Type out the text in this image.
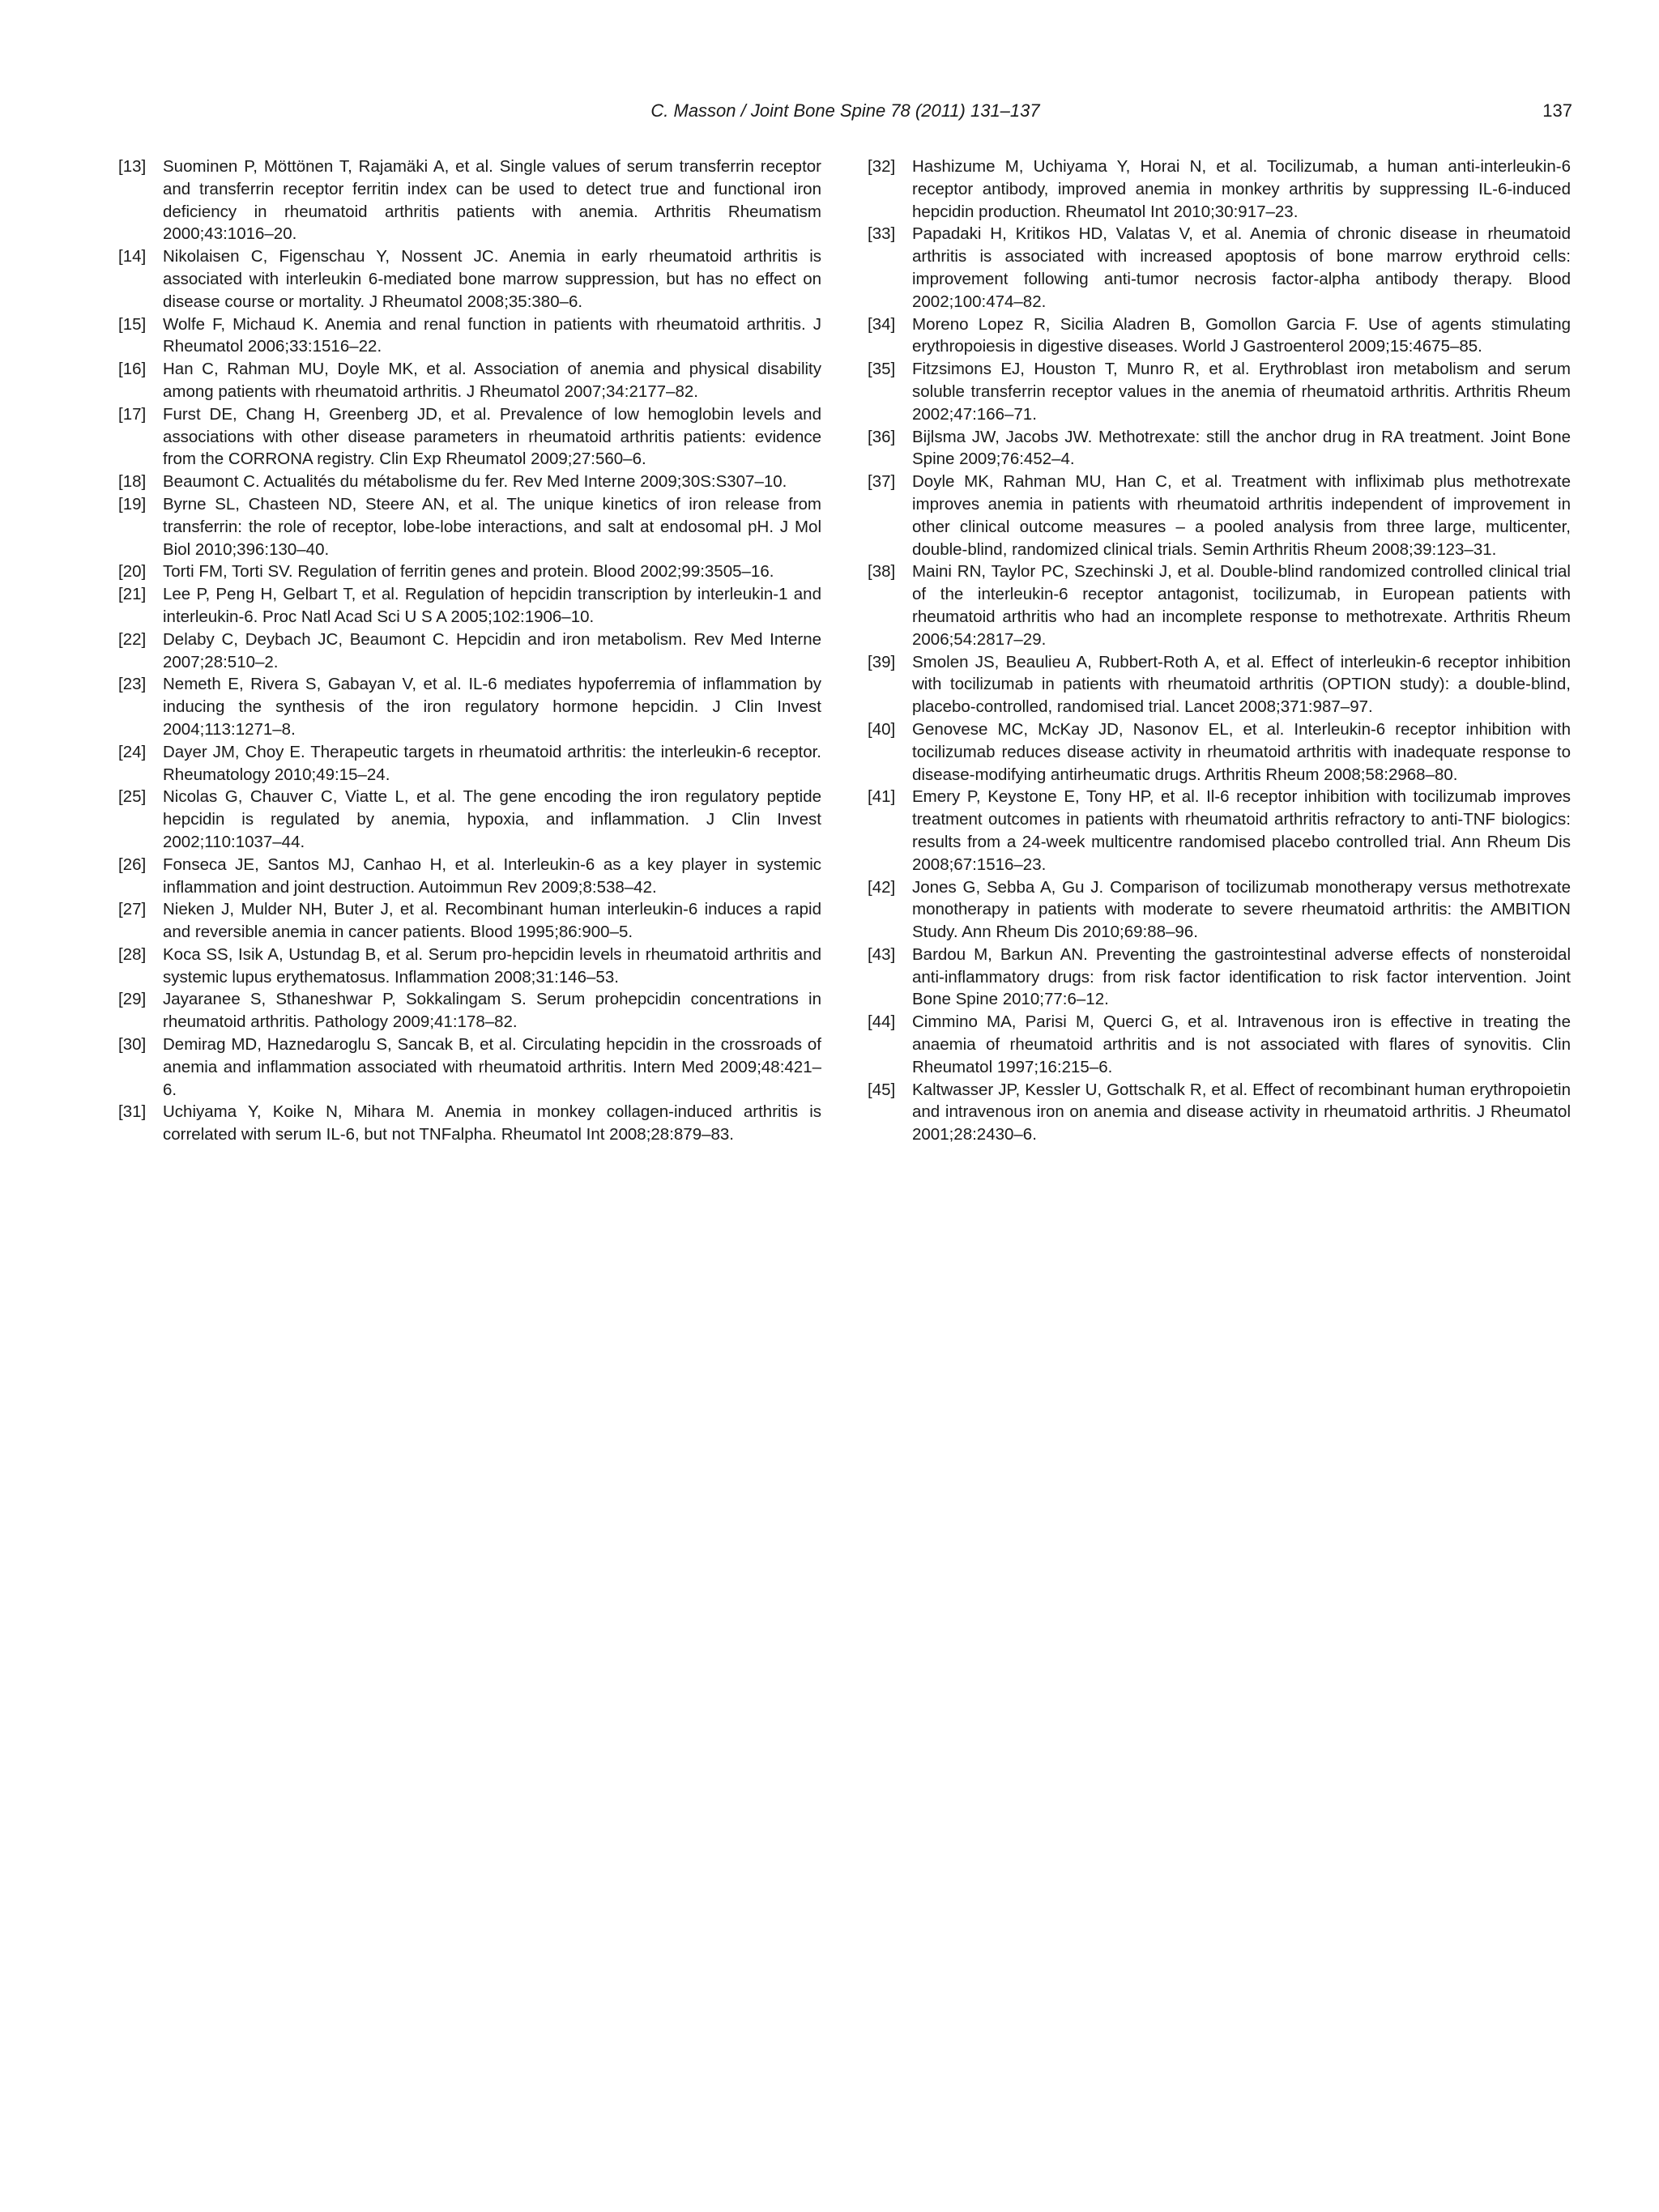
C. Masson / Joint Bone Spine 78 (2011) 131–137	137
[13] Suominen P, Möttönen T, Rajamäki A, et al. Single values of serum transferrin receptor and transferrin receptor ferritin index can be used to detect true and functional iron deficiency in rheumatoid arthritis patients with anemia. Arthritis Rheumatism 2000;43:1016–20.
[14] Nikolaisen C, Figenschau Y, Nossent JC. Anemia in early rheumatoid arthritis is associated with interleukin 6-mediated bone marrow suppression, but has no effect on disease course or mortality. J Rheumatol 2008;35:380–6.
[15] Wolfe F, Michaud K. Anemia and renal function in patients with rheumatoid arthritis. J Rheumatol 2006;33:1516–22.
[16] Han C, Rahman MU, Doyle MK, et al. Association of anemia and physical disability among patients with rheumatoid arthritis. J Rheumatol 2007;34:2177–82.
[17] Furst DE, Chang H, Greenberg JD, et al. Prevalence of low hemoglobin levels and associations with other disease parameters in rheumatoid arthritis patients: evidence from the CORRONA registry. Clin Exp Rheumatol 2009;27:560–6.
[18] Beaumont C. Actualités du métabolisme du fer. Rev Med Interne 2009;30S:S307–10.
[19] Byrne SL, Chasteen ND, Steere AN, et al. The unique kinetics of iron release from transferrin: the role of receptor, lobe-lobe interactions, and salt at endosomal pH. J Mol Biol 2010;396:130–40.
[20] Torti FM, Torti SV. Regulation of ferritin genes and protein. Blood 2002;99:3505–16.
[21] Lee P, Peng H, Gelbart T, et al. Regulation of hepcidin transcription by interleukin-1 and interleukin-6. Proc Natl Acad Sci U S A 2005;102:1906–10.
[22] Delaby C, Deybach JC, Beaumont C. Hepcidin and iron metabolism. Rev Med Interne 2007;28:510–2.
[23] Nemeth E, Rivera S, Gabayan V, et al. IL-6 mediates hypoferremia of inflammation by inducing the synthesis of the iron regulatory hormone hepcidin. J Clin Invest 2004;113:1271–8.
[24] Dayer JM, Choy E. Therapeutic targets in rheumatoid arthritis: the interleukin-6 receptor. Rheumatology 2010;49:15–24.
[25] Nicolas G, Chauver C, Viatte L, et al. The gene encoding the iron regulatory peptide hepcidin is regulated by anemia, hypoxia, and inflammation. J Clin Invest 2002;110:1037–44.
[26] Fonseca JE, Santos MJ, Canhao H, et al. Interleukin-6 as a key player in systemic inflammation and joint destruction. Autoimmun Rev 2009;8:538–42.
[27] Nieken J, Mulder NH, Buter J, et al. Recombinant human interleukin-6 induces a rapid and reversible anemia in cancer patients. Blood 1995;86:900–5.
[28] Koca SS, Isik A, Ustundag B, et al. Serum pro-hepcidin levels in rheumatoid arthritis and systemic lupus erythematosus. Inflammation 2008;31:146–53.
[29] Jayaranee S, Sthaneshwar P, Sokkalingam S. Serum prohepcidin concentrations in rheumatoid arthritis. Pathology 2009;41:178–82.
[30] Demirag MD, Haznedaroglu S, Sancak B, et al. Circulating hepcidin in the crossroads of anemia and inflammation associated with rheumatoid arthritis. Intern Med 2009;48:421–6.
[31] Uchiyama Y, Koike N, Mihara M. Anemia in monkey collagen-induced arthritis is correlated with serum IL-6, but not TNFalpha. Rheumatol Int 2008;28:879–83.
[32] Hashizume M, Uchiyama Y, Horai N, et al. Tocilizumab, a human anti-interleukin-6 receptor antibody, improved anemia in monkey arthritis by suppressing IL-6-induced hepcidin production. Rheumatol Int 2010;30:917–23.
[33] Papadaki H, Kritikos HD, Valatas V, et al. Anemia of chronic disease in rheumatoid arthritis is associated with increased apoptosis of bone marrow erythroid cells: improvement following anti-tumor necrosis factor-alpha antibody therapy. Blood 2002;100:474–82.
[34] Moreno Lopez R, Sicilia Aladren B, Gomollon Garcia F. Use of agents stimulating erythropoiesis in digestive diseases. World J Gastroenterol 2009;15:4675–85.
[35] Fitzsimons EJ, Houston T, Munro R, et al. Erythroblast iron metabolism and serum soluble transferrin receptor values in the anemia of rheumatoid arthritis. Arthritis Rheum 2002;47:166–71.
[36] Bijlsma JW, Jacobs JW. Methotrexate: still the anchor drug in RA treatment. Joint Bone Spine 2009;76:452–4.
[37] Doyle MK, Rahman MU, Han C, et al. Treatment with infliximab plus methotrexate improves anemia in patients with rheumatoid arthritis independent of improvement in other clinical outcome measures – a pooled analysis from three large, multicenter, double-blind, randomized clinical trials. Semin Arthritis Rheum 2008;39:123–31.
[38] Maini RN, Taylor PC, Szechinski J, et al. Double-blind randomized controlled clinical trial of the interleukin-6 receptor antagonist, tocilizumab, in European patients with rheumatoid arthritis who had an incomplete response to methotrexate. Arthritis Rheum 2006;54:2817–29.
[39] Smolen JS, Beaulieu A, Rubbert-Roth A, et al. Effect of interleukin-6 receptor inhibition with tocilizumab in patients with rheumatoid arthritis (OPTION study): a double-blind, placebo-controlled, randomised trial. Lancet 2008;371:987–97.
[40] Genovese MC, McKay JD, Nasonov EL, et al. Interleukin-6 receptor inhibition with tocilizumab reduces disease activity in rheumatoid arthritis with inadequate response to disease-modifying antirheumatic drugs. Arthritis Rheum 2008;58:2968–80.
[41] Emery P, Keystone E, Tony HP, et al. Il-6 receptor inhibition with tocilizumab improves treatment outcomes in patients with rheumatoid arthritis refractory to anti-TNF biologics: results from a 24-week multicentre randomised placebo controlled trial. Ann Rheum Dis 2008;67:1516–23.
[42] Jones G, Sebba A, Gu J. Comparison of tocilizumab monotherapy versus methotrexate monotherapy in patients with moderate to severe rheumatoid arthritis: the AMBITION Study. Ann Rheum Dis 2010;69:88–96.
[43] Bardou M, Barkun AN. Preventing the gastrointestinal adverse effects of nonsteroidal anti-inflammatory drugs: from risk factor identification to risk factor intervention. Joint Bone Spine 2010;77:6–12.
[44] Cimmino MA, Parisi M, Querci G, et al. Intravenous iron is effective in treating the anaemia of rheumatoid arthritis and is not associated with flares of synovitis. Clin Rheumatol 1997;16:215–6.
[45] Kaltwasser JP, Kessler U, Gottschalk R, et al. Effect of recombinant human erythropoietin and intravenous iron on anemia and disease activity in rheumatoid arthritis. J Rheumatol 2001;28:2430–6.
